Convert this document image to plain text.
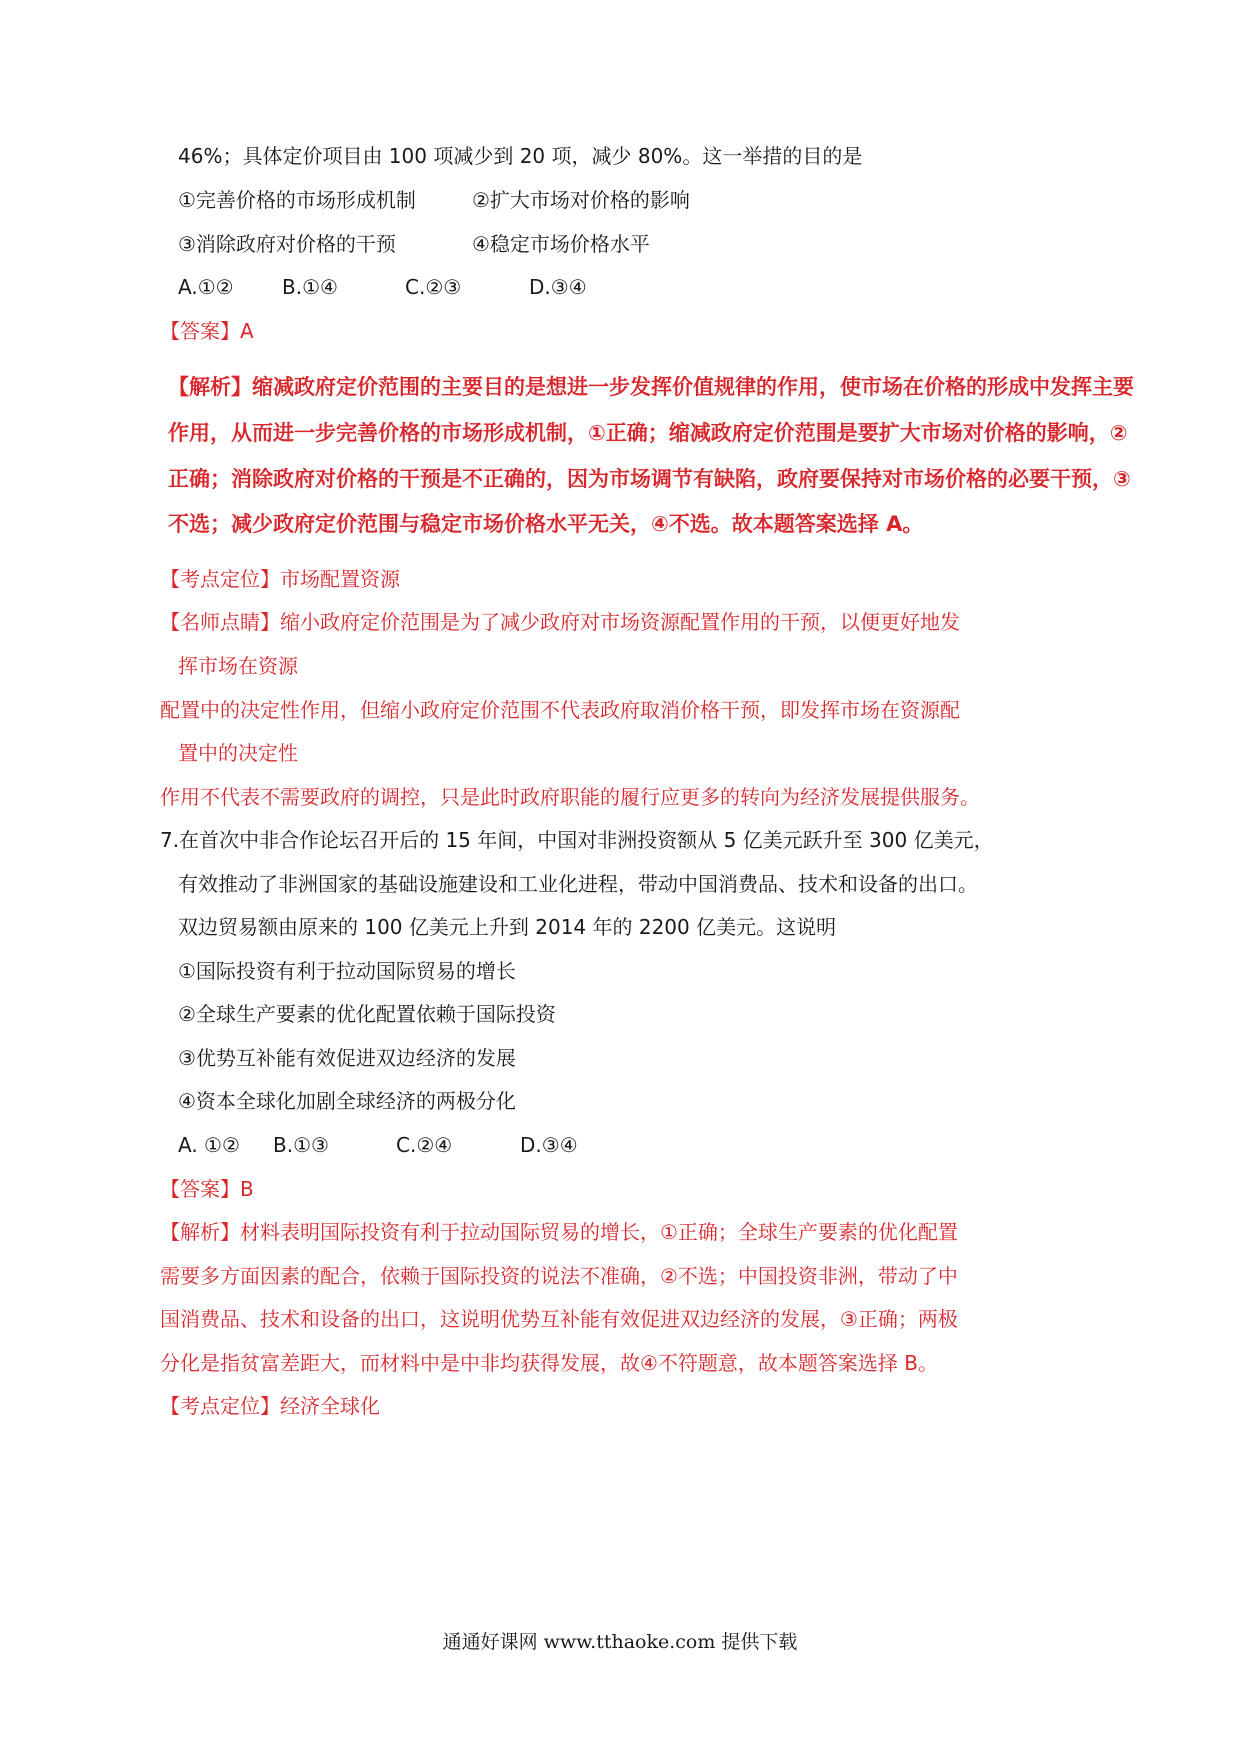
46%；具体定价项目由 100 项减少到 20 项，减少 80%。这一举措的目的是
①完善价格的市场形成机制	②扩大市场对价格的影响
③消除政府对价格的干预	④稳定市场价格水平
A.①② B.①④	C.②③	D.③④
【答案】A
【解析】缩减政府定价范围的主要目的是想进一步发挥价值规律的作用，使市场在价格的形成中发挥主要
作用，从而进一步完善价格的市场形成机制，①正确；缩减政府定价范围是要扩大市场对价格的影响，②
正确；消除政府对价格的干预是不正确的，因为市场调节有缺陷，政府要保持对市场价格的必要干预，③
不选；减少政府定价范围与稳定市场价格水平无关，④不选。故本题答案选择 A。
【考点定位】市场配置资源
【名师点睛】缩小政府定价范围是为了减少政府对市场资源配置作用的干预，以便更好地发
挥市场在资源
配置中的决定性作用，但缩小政府定价范围不代表政府取消价格干预，即发挥市场在资源配
置中的决定性
作用不代表不需要政府的调控，只是此时政府职能的履行应更多的转向为经济发展提供服务。
7.在首次中非合作论坛召开后的 15 年间，中国对非洲投资额从 5 亿美元跃升至 300 亿美元，
有效推动了非洲国家的基础设施建设和工业化进程，带动中国消费品、技术和设备的出口。
双边贸易额由原来的 100 亿美元上升到 2014 年的 2200 亿美元。这说明
①国际投资有利于拉动国际贸易的增长
②全球生产要素的优化配置依赖于国际投资
③优势互补能有效促进双边经济的发展
④资本全球化加剧全球经济的两极分化
A. ①② B.①③	C.②④	D.③④
【答案】B
【解析】材料表明国际投资有利于拉动国际贸易的增长，①正确；全球生产要素的优化配置
需要多方面因素的配合，依赖于国际投资的说法不准确，②不选；中国投资非洲，带动了中
国消费品、技术和设备的出口，这说明优势互补能有效促进双边经济的发展，③正确；两极
分化是指贫富差距大，而材料中是中非均获得发展，故④不符题意，故本题答案选择 B。
【考点定位】经济全球化
通通好课网 www.tthaoke.com 提供下载
